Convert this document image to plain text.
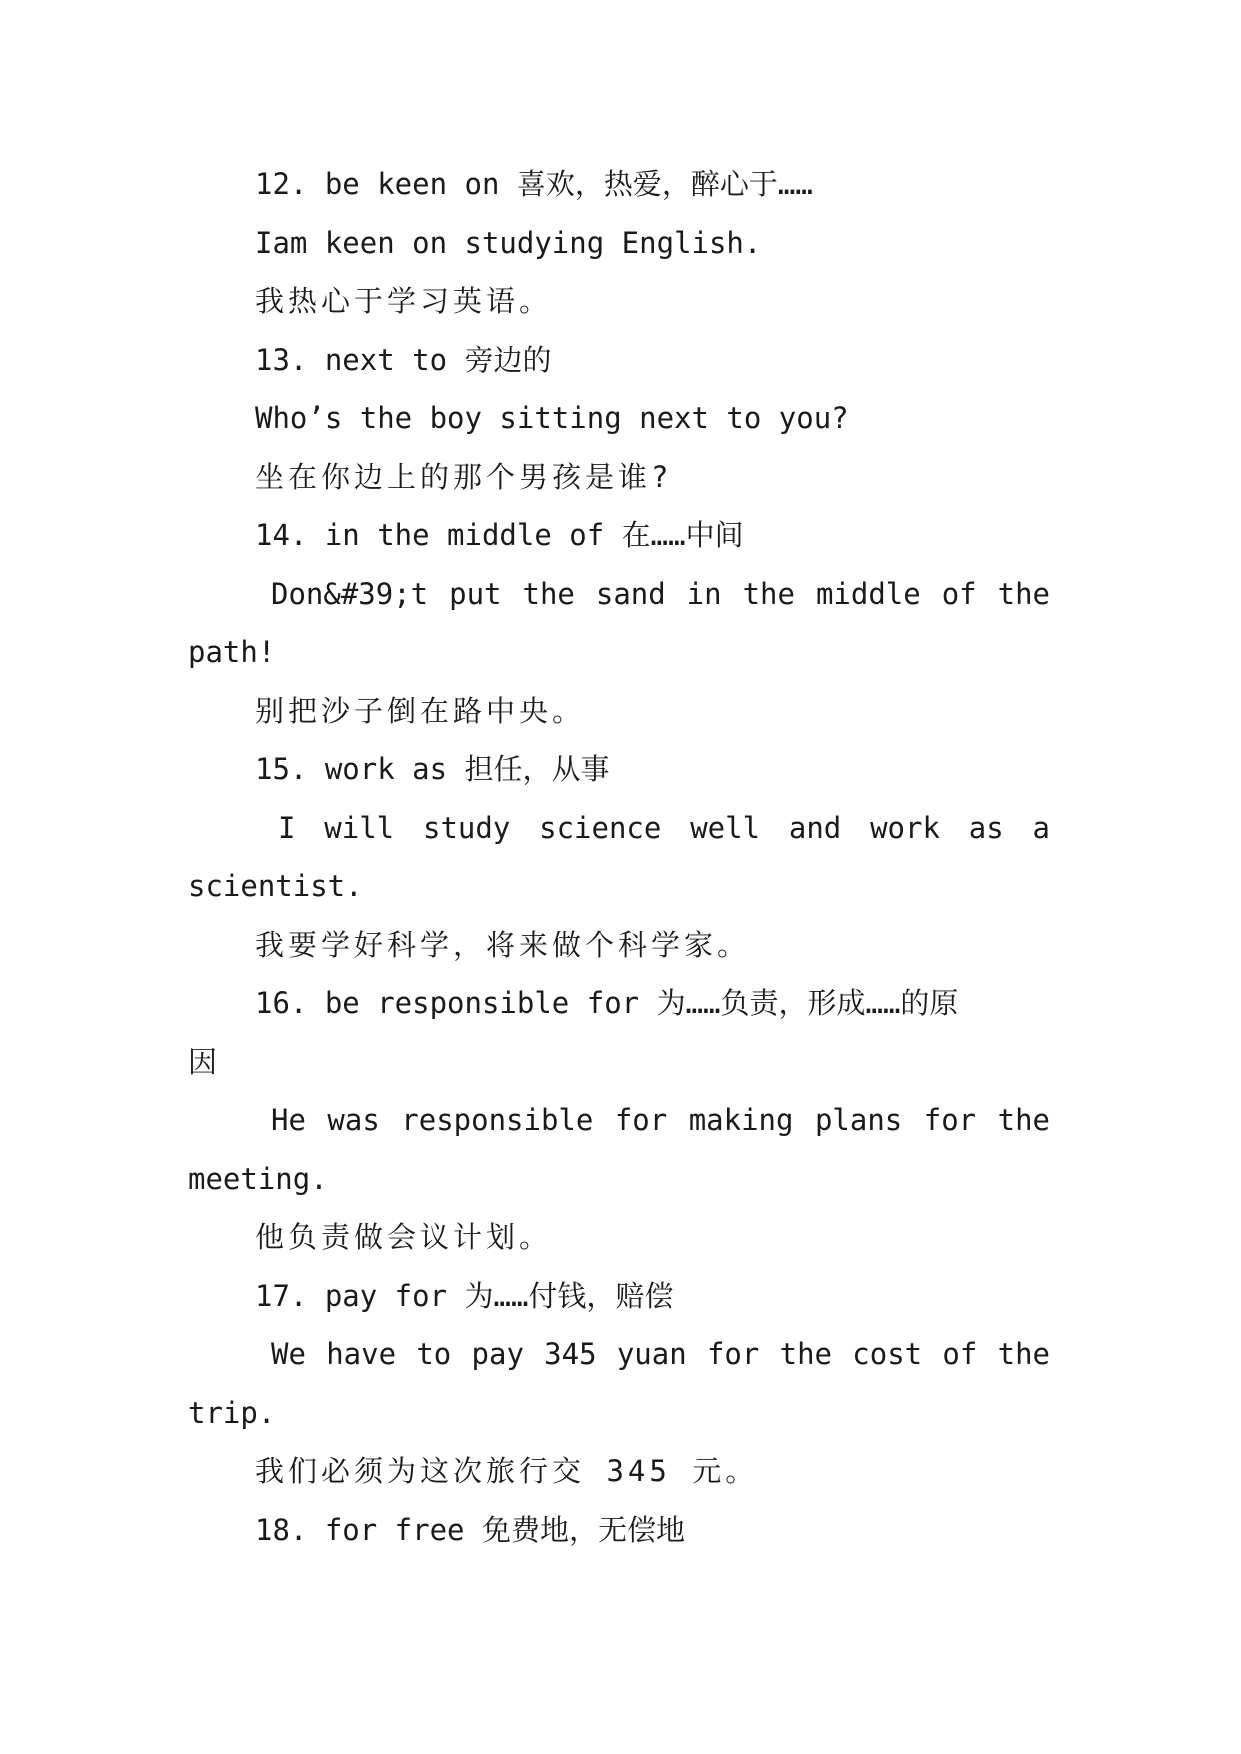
12. be keen on 喜欢，热爱，醉心于……

Iam keen on studying English.

我热心于学习英语。

13. next to 旁边的

Who’s the boy sitting next to you?

坐在你边上的那个男孩是谁?

14. in the middle of 在……中间

Don&#39;t put the sand in the middle of the

path!

别把沙子倒在路中央。

15. work as 担任，从事

I will study science well and work as a

scientist.

我要学好科学，将来做个科学家。

16. be responsible for 为……负责，形成……的原

因

He was responsible for making plans for the

meeting.

他负责做会议计划。

17. pay for 为……付钱，赔偿

We have to pay 345 yuan for the cost of the

trip.

我们必须为这次旅行交 345 元。

18. for free 免费地，无偿地
